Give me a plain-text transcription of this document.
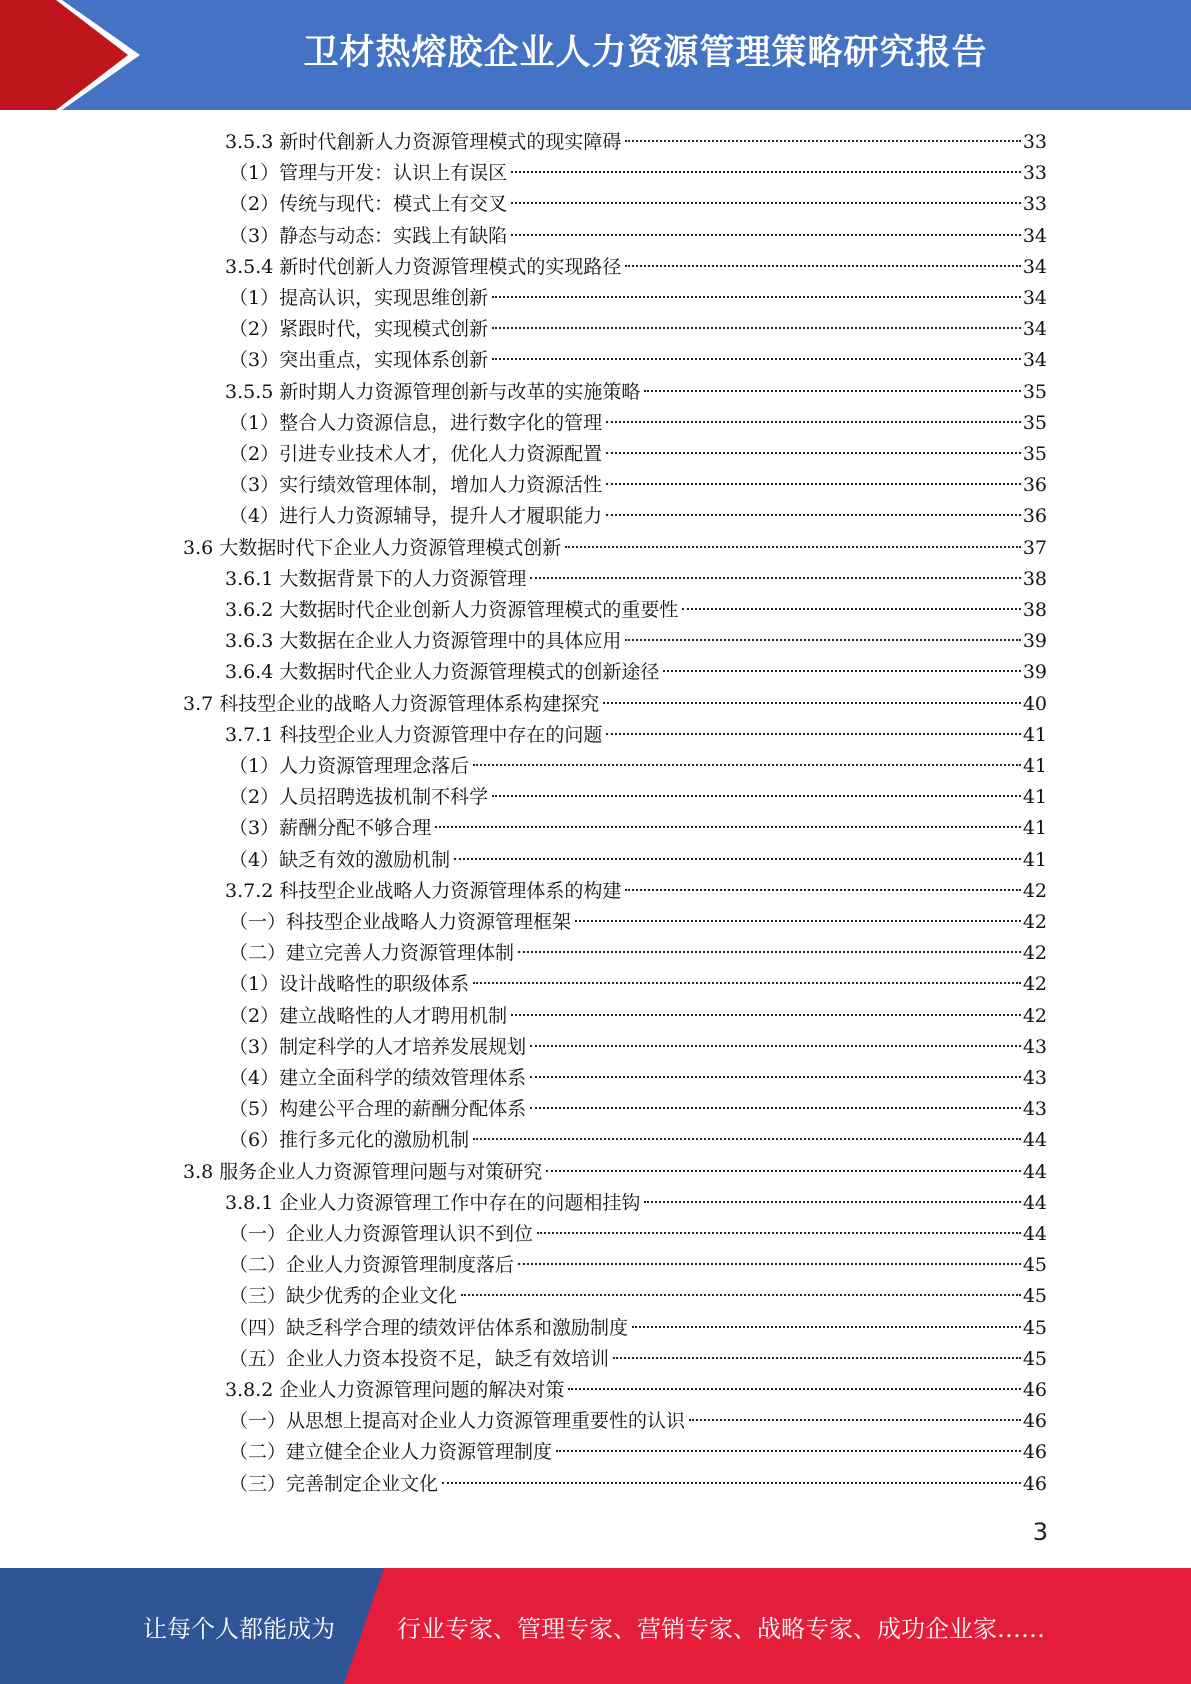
卫材热熔胶企业人力资源管理策略研究报告
3.5.3 新时代創新人力资源管理模式的现实障碍	33
（1）管理与开发：认识上有误区	33
（2）传统与现代：模式上有交叉	33
（3）静态与动态：实践上有缺陷	34
3.5.4 新时代创新人力资源管理模式的实现路径	34
（1）提高认识，实现思维创新	34
（2）紧跟时代，实现模式创新	34
（3）突出重点，实现体系创新	34
3.5.5 新时期人力资源管理创新与改革的实施策略	35
（1）整合人力资源信息，进行数字化的管理	35
（2）引进专业技术人才，优化人力资源配置	35
（3）实行绩效管理体制，增加人力资源活性	36
（4）进行人力资源辅导，提升人才履职能力	36
3.6 大数据时代下企业人力资源管理模式创新	37
3.6.1 大数据背景下的人力资源管理	38
3.6.2 大数据时代企业创新人力资源管理模式的重要性	38
3.6.3 大数据在企业人力资源管理中的具体应用	39
3.6.4 大数据时代企业人力资源管理模式的创新途径	39
3.7 科技型企业的战略人力资源管理体系构建探究	40
3.7.1 科技型企业人力资源管理中存在的问题	41
（1）人力资源管理理念落后	41
（2）人员招聘选拔机制不科学	41
（3）薪酬分配不够合理	41
（4）缺乏有效的激励机制	41
3.7.2 科技型企业战略人力资源管理体系的构建	42
（一）科技型企业战略人力资源管理框架	42
（二）建立完善人力资源管理体制	42
（1）设计战略性的职级体系	42
（2）建立战略性的人才聘用机制	42
（3）制定科学的人才培养发展规划	43
（4）建立全面科学的绩效管理体系	43
（5）构建公平合理的薪酬分配体系	43
（6）推行多元化的激励机制	44
3.8 服务企业人力资源管理问题与对策研究	44
3.8.1 企业人力资源管理工作中存在的问题相挂钩	44
（一）企业人力资源管理认识不到位	44
（二）企业人力资源管理制度落后	45
（三）缺少优秀的企业文化	45
（四）缺乏科学合理的绩效评估体系和激励制度	45
（五）企业人力资本投资不足，缺乏有效培训	45
3.8.2 企业人力资源管理问题的解决对策	46
（一）从思想上提高对企业人力资源管理重要性的认识	46
（二）建立健全企业人力资源管理制度	46
（三）完善制定企业文化	46
3
让每个人都能成为	行业专家、管理专家、营销专家、战略专家、成功企业家……
